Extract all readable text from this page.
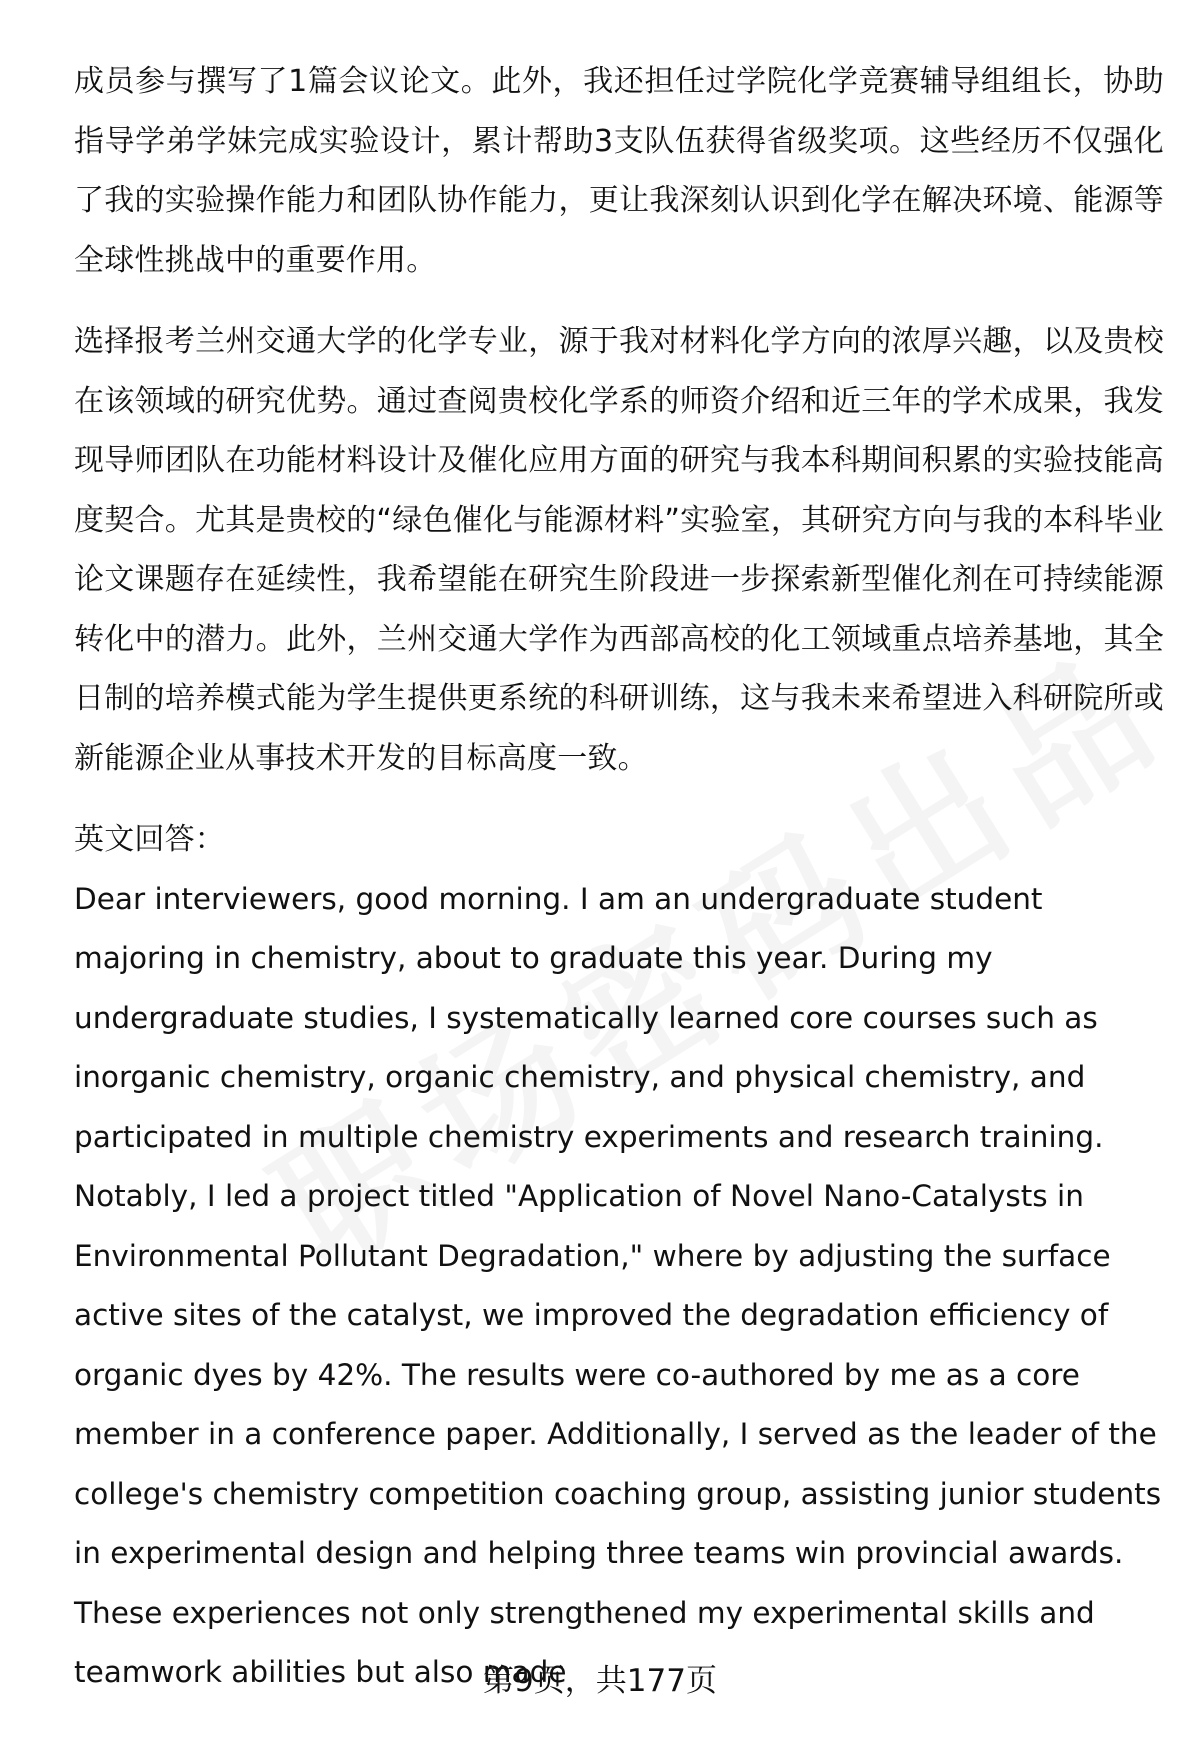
成员参与撰写了1篇会议论文。此外，我还担任过学院化学竞赛辅导组组长，协助指导学弟学妹完成实验设计，累计帮助3支队伍获得省级奖项。这些经历不仅强化了我的实验操作能力和团队协作能力，更让我深刻认识到化学在解决环境、能源等全球性挑战中的重要作用。

选择报考兰州交通大学的化学专业，源于我对材料化学方向的浓厚兴趣，以及贵校在该领域的研究优势。通过查阅贵校化学系的师资介绍和近三年的学术成果，我发现导师团队在功能材料设计及催化应用方面的研究与我本科期间积累的实验技能高度契合。尤其是贵校的“绿色催化与能源材料”实验室，其研究方向与我的本科毕业论文课题存在延续性，我希望能在研究生阶段进一步探索新型催化剂在可持续能源转化中的潜力。此外，兰州交通大学作为西部高校的化工领域重点培养基地，其全日制的培养模式能为学生提供更系统的科研训练，这与我未来希望进入科研院所或新能源企业从事技术开发的目标高度一致。

英文回答：

Dear interviewers, good morning. I am an undergraduate student majoring in chemistry, about to graduate this year. During my undergraduate studies, I systematically learned core courses such as inorganic chemistry, organic chemistry, and physical chemistry, and participated in multiple chemistry experiments and research training. Notably, I led a project titled "Application of Novel Nano-Catalysts in Environmental Pollutant Degradation," where by adjusting the surface active sites of the catalyst, we improved the degradation efficiency of organic dyes by 42%. The results were co-authored by me as a core member in a conference paper. Additionally, I served as the leader of the college's chemistry competition coaching group, assisting junior students in experimental design and helping three teams win provincial awards. These experiences not only strengthened my experimental skills and teamwork abilities but also made

第9页，共177页
